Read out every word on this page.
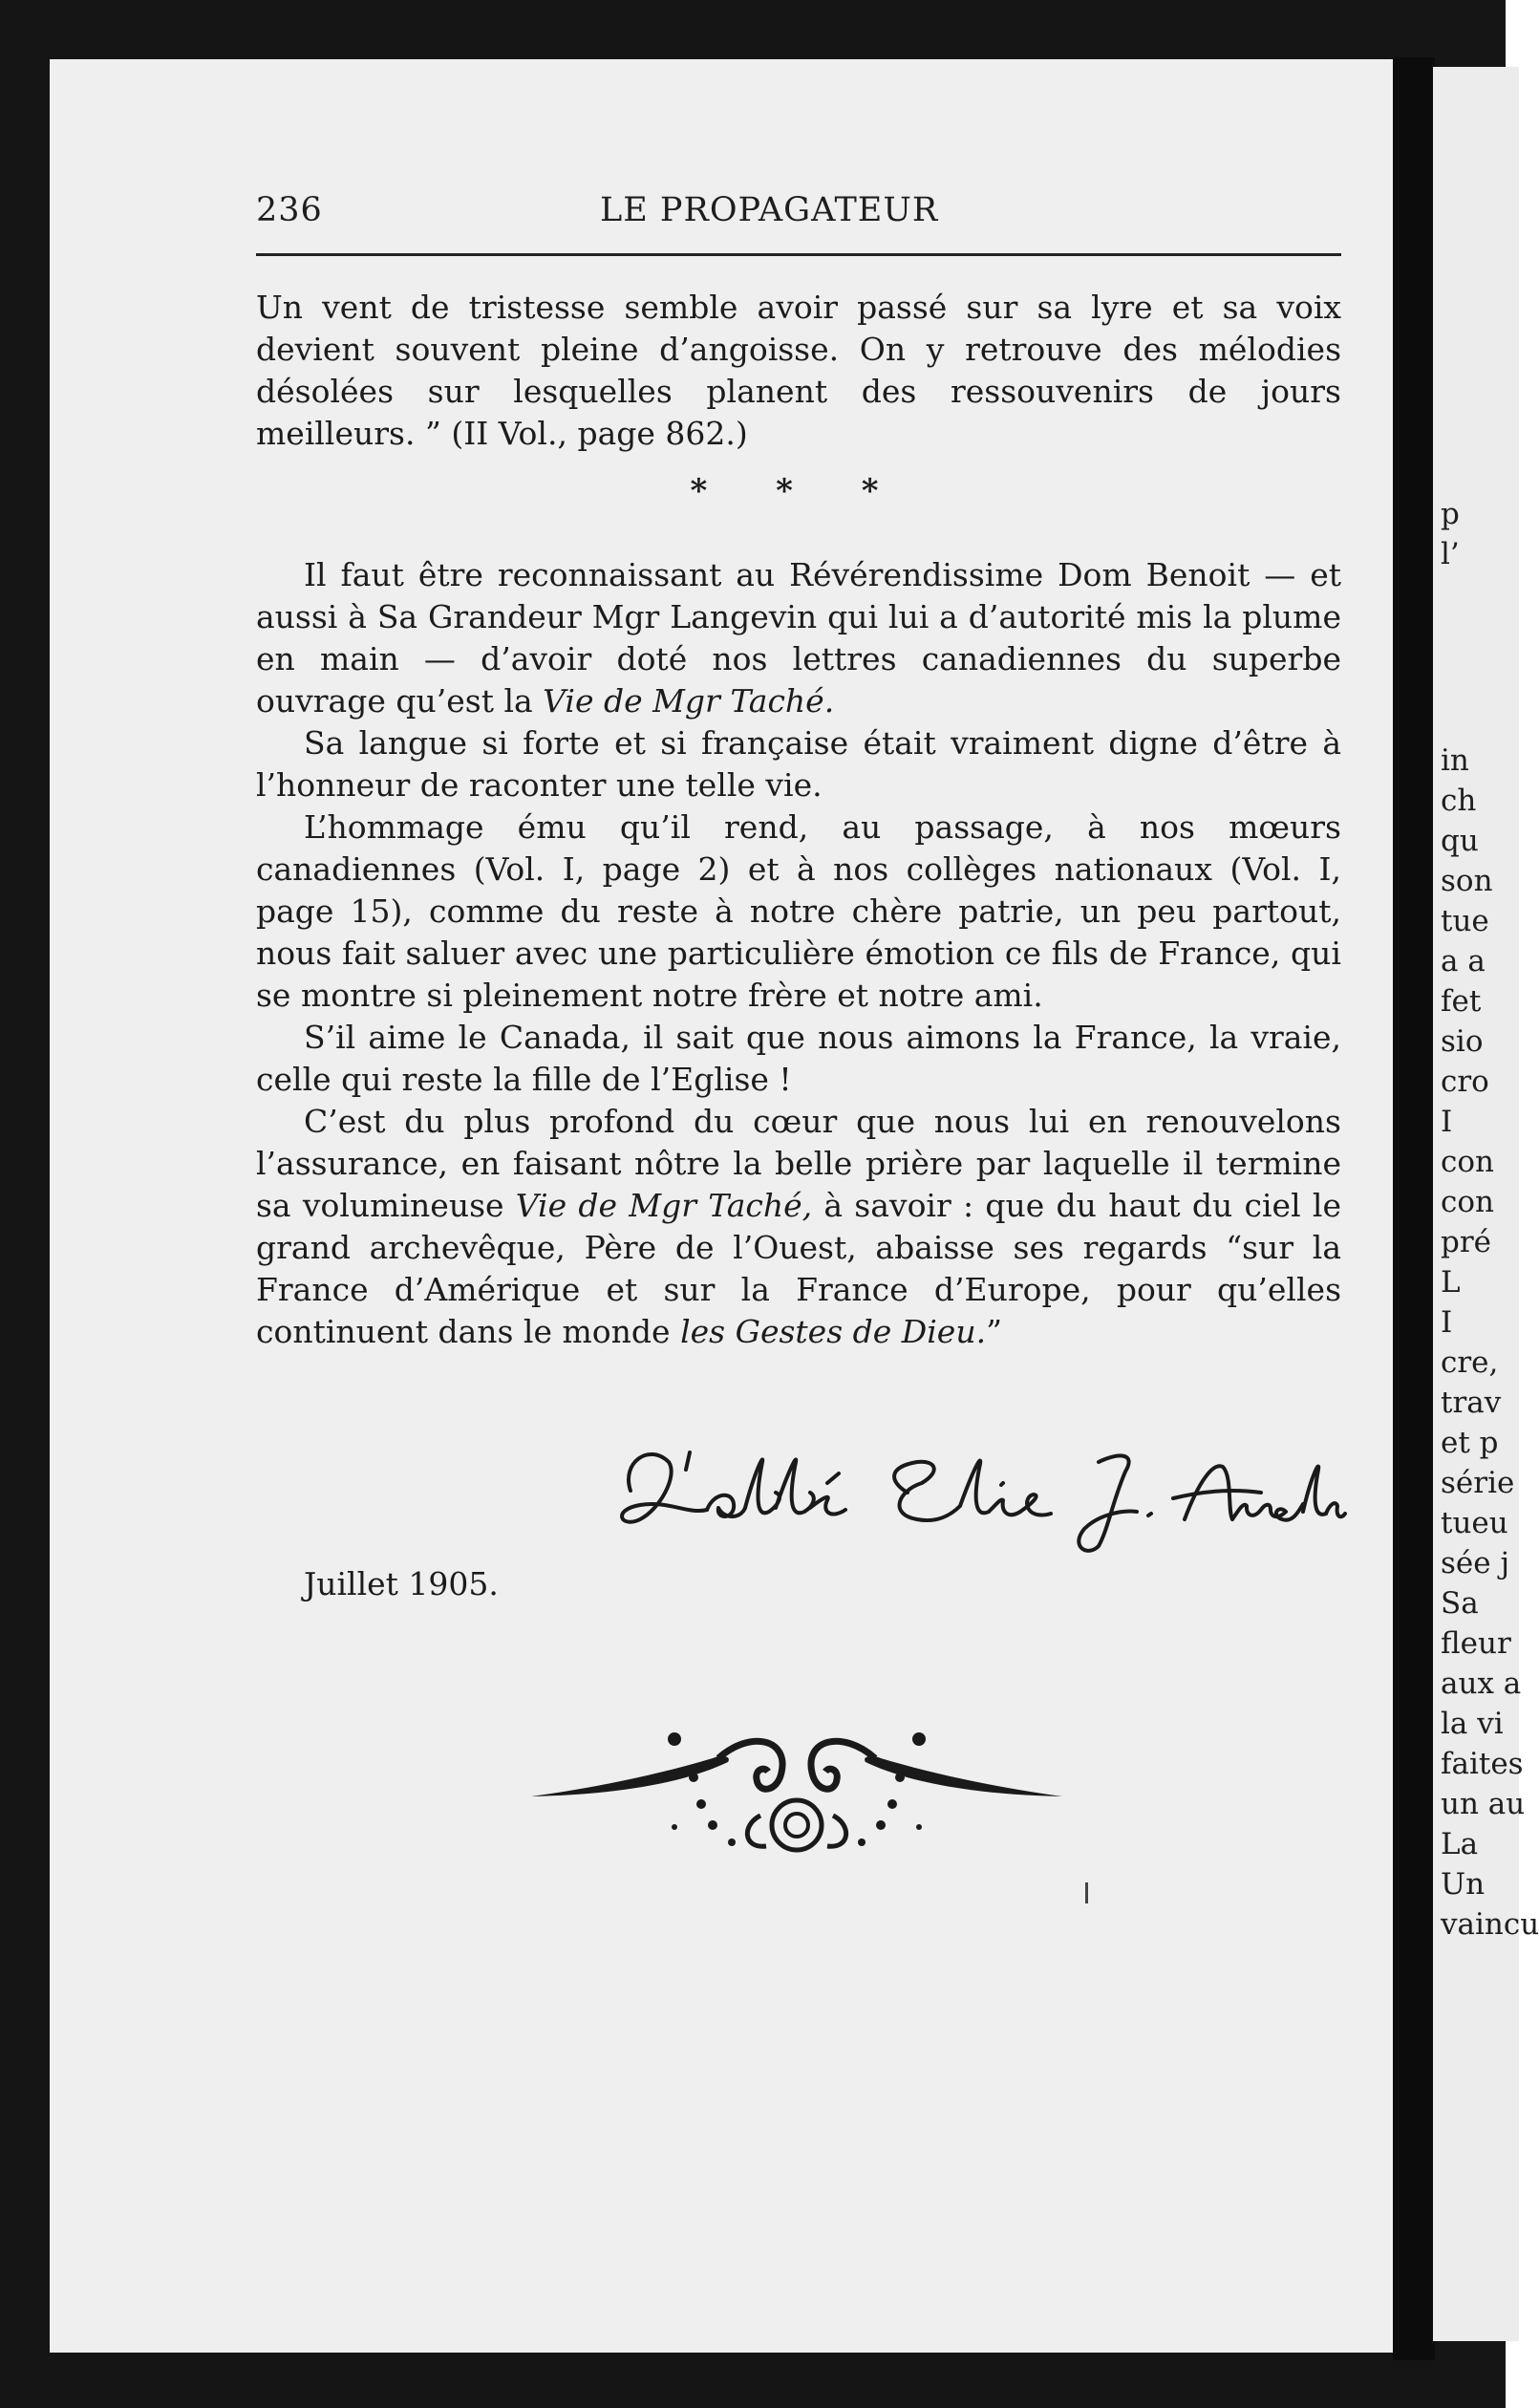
p
l’
in
ch
qu
son
tue
a a
fet
sio
cro
I
con
con
pré
L
I
cre,
trav
et p
série
tueu
sée j
Sa
fleur
aux a
la vi
faites
un au
La
Un
vaincu
236	LE PROPAGATEUR

Un vent de tristesse semble avoir passé sur sa lyre et sa voix devient souvent pleine d’angoisse. On y retrouve des mélodies désolées sur lesquelles planent des ressouvenirs de jours meilleurs. ” (II Vol., page 862.)

* * *

Il faut être reconnaissant au Révérendissime Dom Benoit — et aussi à Sa Grandeur Mgr Langevin qui lui a d’autorité mis la plume en main — d’avoir doté nos lettres canadiennes du superbe ouvrage qu’est la Vie de Mgr Taché.

Sa langue si forte et si française était vraiment digne d’être à l’honneur de raconter une telle vie.

L’hommage ému qu’il rend, au passage, à nos mœurs canadiennes (Vol. I, page 2) et à nos collèges nationaux (Vol. I, page 15), comme du reste à notre chère patrie, un peu partout, nous fait saluer avec une particulière émotion ce fils de France, qui se montre si pleinement notre frère et notre ami.

S’il aime le Canada, il sait que nous aimons la France, la vraie, celle qui reste la fille de l’Eglise !

C’est du plus profond du cœur que nous lui en renouvelons l’assurance, en faisant nôtre la belle prière par laquelle il termine sa volumineuse Vie de Mgr Taché, à savoir : que du haut du ciel le grand archevêque, Père de l’Ouest, abaisse ses regards “sur la France d’Amérique et sur la France d’Europe, pour qu’elles continuent dans le monde les Gestes de Dieu.”

Juillet 1905.
